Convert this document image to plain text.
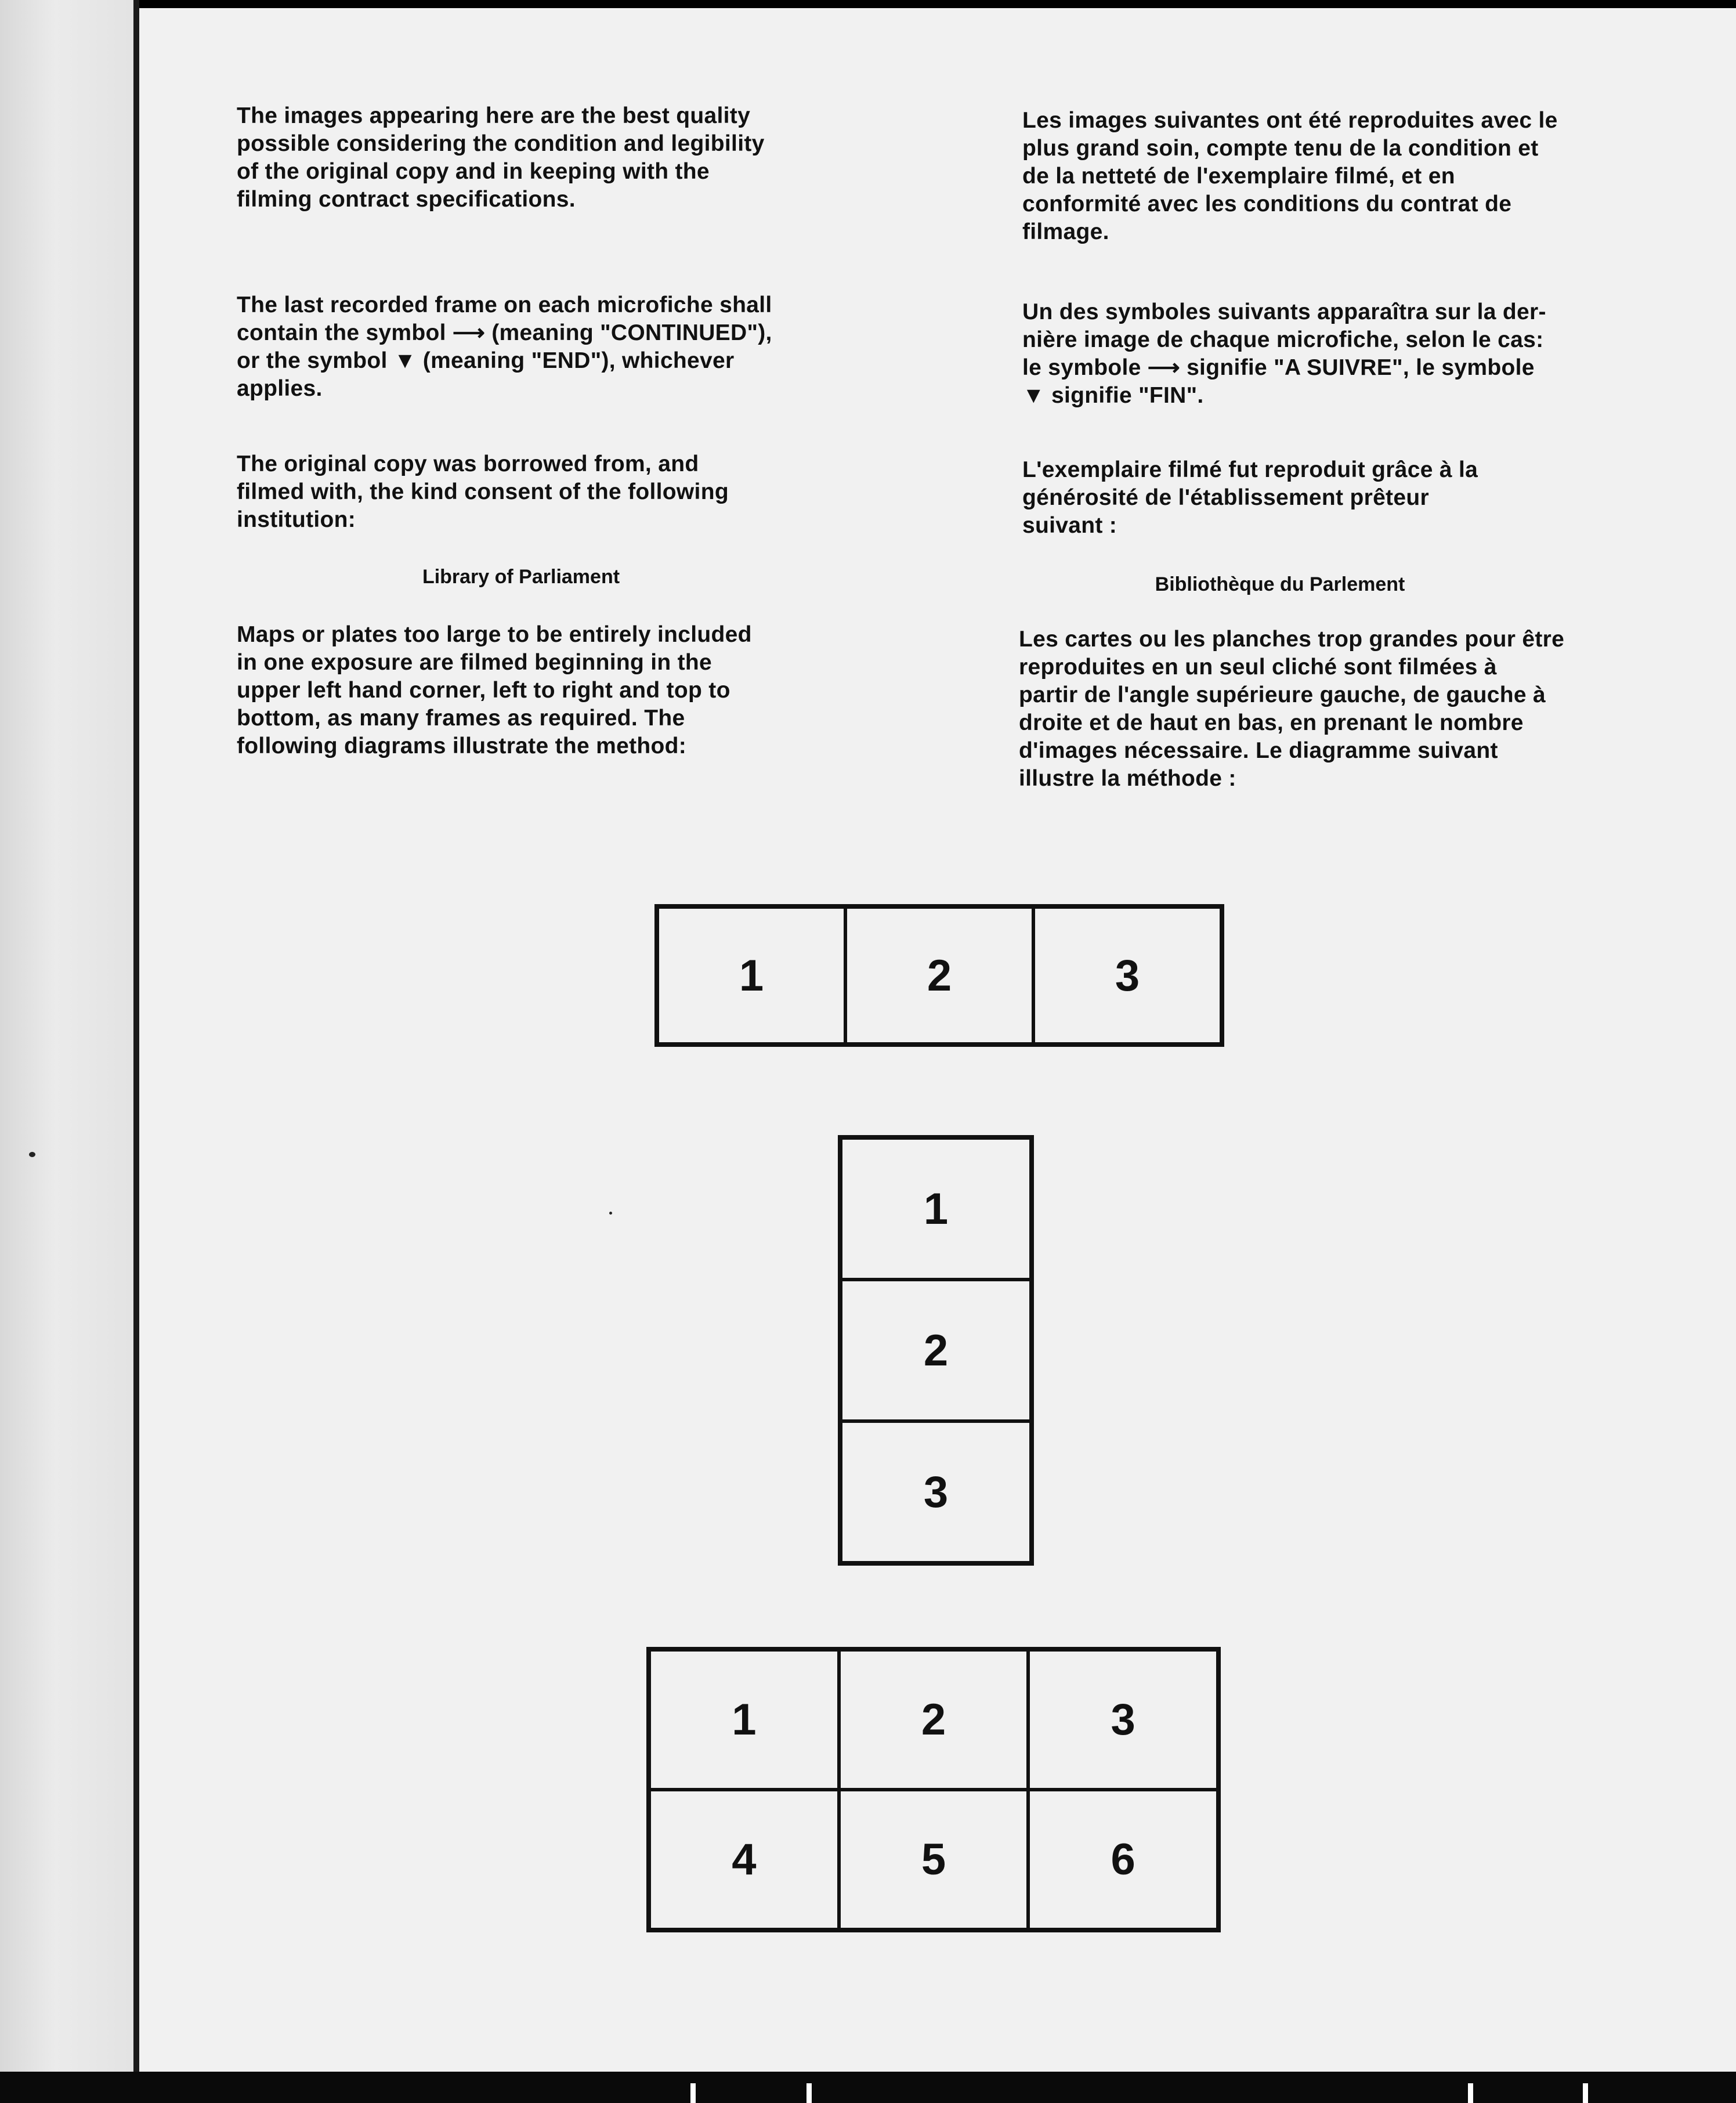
The images appearing here are the best quality
possible considering the condition and legibility
of the original copy and in keeping with the
filming contract specifications.

The last recorded frame on each microfiche shall
contain the symbol ⟶ (meaning "CONTINUED"),
or the symbol ▼ (meaning "END"), whichever
applies.

The original copy was borrowed from, and
filmed with, the kind consent of the following
institution:

Library of Parliament

Maps or plates too large to be entirely included
in one exposure are filmed beginning in the
upper left hand corner, left to right and top to
bottom, as many frames as required. The
following diagrams illustrate the method:

Les images suivantes ont été reproduites avec le
plus grand soin, compte tenu de la condition et
de la netteté de l'exemplaire filmé, et en
conformité avec les conditions du contrat de
filmage.

Un des symboles suivants apparaîtra sur la der-
nière image de chaque microfiche, selon le cas:
le symbole ⟶ signifie "A SUIVRE", le symbole
▼ signifie "FIN".

L'exemplaire filmé fut reproduit grâce à la
générosité de l'établissement prêteur
suivant :

Bibliothèque du Parlement

Les cartes ou les planches trop grandes pour être
reproduites en un seul cliché sont filmées à
partir de l'angle supérieure gauche, de gauche à
droite et de haut en bas, en prenant le nombre
d'images nécessaire. Le diagramme suivant
illustre la méthode :

1	2	3
1
2
3
1	2	3
4	5	6
